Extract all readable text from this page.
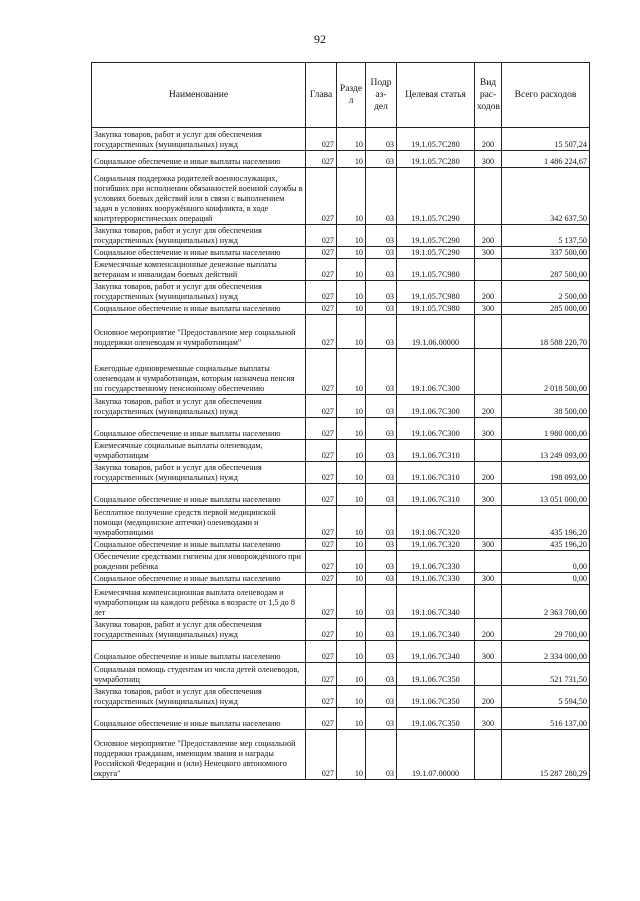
92
Наименование	Глава	Разде л	Подр аз- дел	Целевая статья	Вид рас- ходов	Всего расходов
Закупка товаров, работ и услуг для обеспечения государственных (муниципальных) нужд	027	10	03	19.1.05.7С280	200	15 507,24
Социальное обеспечение и иные выплаты населению	027	10	03	19.1.05.7С280	300	1 486 224,67
Социальная поддержка родителей военнослужащих, погибших при исполнении обязанностей военной службы в условиях боевых действий или в связи с выполнением задач в условиях вооружённого конфликта, в ходе контртеррористических операций	027	10	03	19.1.05.7С290		342 637,50
Закупка товаров, работ и услуг для обеспечения государственных (муниципальных) нужд	027	10	03	19.1.05.7С290	200	5 137,50
Социальное обеспечение и иные выплаты населению	027	10	03	19.1.05.7С290	300	337 500,00
Ежемесячные компенсационные денежные выплаты ветеранам и инвалидам боевых действий	027	10	03	19.1.05.7С980		287 500,00
Закупка товаров, работ и услуг для обеспечения государственных (муниципальных) нужд	027	10	03	19.1.05.7С980	200	2 500,00
Социальное обеспечение и иные выплаты населению	027	10	03	19.1.05.7С980	300	285 000,00
Основное мероприятие "Предоставление мер социальной поддержки оленеводам и чумработницам"	027	10	03	19.1.06.00000		18 588 220,70
Ежегодные единовременные социальные выплаты оленеводам и чумработницам, которым назначена пенсия по государственному пенсионному обеспечению	027	10	03	19.1.06.7С300		2 018 500,00
Закупка товаров, работ и услуг для обеспечения государственных (муниципальных) нужд	027	10	03	19.1.06.7С300	200	38 500,00
Социальное обеспечение и иные выплаты населению	027	10	03	19.1.06.7С300	300	1 980 000,00
Ежемесячные социальные выплаты оленеводам, чумработницам	027	10	03	19.1.06.7С310		13 249 093,00
Закупка товаров, работ и услуг для обеспечения государственных (муниципальных) нужд	027	10	03	19.1.06.7С310	200	198 093,00
Социальное обеспечение и иные выплаты населению	027	10	03	19.1.06.7С310	300	13 051 000,00
Бесплатное получение средств первой медицинской помощи (медицинские аптечки) оленеводами и чумработницами	027	10	03	19.1.06.7С320		435 196,20
Социальное обеспечение и иные выплаты населению	027	10	03	19.1.06.7С320	300	435 196,20
Обеспечение средствами гигиены для новорождённого при рождении ребёнка	027	10	03	19.1.06.7С330		0,00
Социальное обеспечение и иные выплаты населению	027	10	03	19.1.06.7С330	300	0,00
Ежемесячная компенсационная выплата оленеводам и чумработницам на каждого ребёнка в возрасте от 1,5 до 8 лет	027	10	03	19.1.06.7С340		2 363 700,00
Закупка товаров, работ и услуг для обеспечения государственных (муниципальных) нужд	027	10	03	19.1.06.7С340	200	29 700,00
Социальное обеспечение и иные выплаты населению	027	10	03	19.1.06.7С340	300	2 334 000,00
Социальная помощь студентам из числа детей оленеводов, чумработниц	027	10	03	19.1.06.7С350		521 731,50
Закупка товаров, работ и услуг для обеспечения государственных (муниципальных) нужд	027	10	03	19.1.06.7С350	200	5 594,50
Социальное обеспечение и иные выплаты населению	027	10	03	19.1.06.7С350	300	516 137,00
Основное мероприятие "Предоставление мер социальной поддержки гражданам, имеющим звания и награды Российской Федерации и (или) Ненецкого автономного округа"	027	10	03	19.1.07.00000		15 287 280,29
